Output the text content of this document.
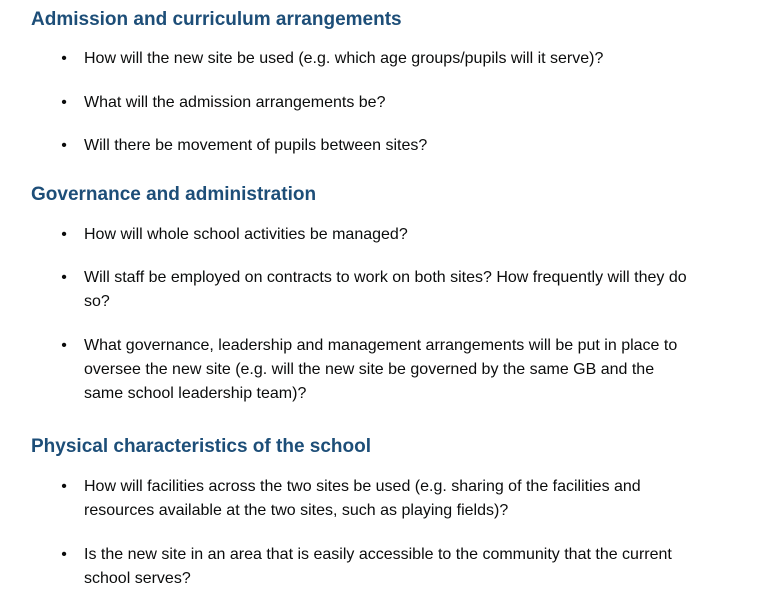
Admission and curriculum arrangements
•	How will the new site be used (e.g. which age groups/pupils will it serve)?
•	What will the admission arrangements be?
•	Will there be movement of pupils between sites?
Governance and administration
•	How will whole school activities be managed?
•	Will staff be employed on contracts to work on both sites? How frequently will they do so?
•	What governance, leadership and management arrangements will be put in place to oversee the new site (e.g. will the new site be governed by the same GB and the same school leadership team)?
Physical characteristics of the school
•	How will facilities across the two sites be used (e.g. sharing of the facilities and resources available at the two sites, such as playing fields)?
•	Is the new site in an area that is easily accessible to the community that the current school serves?
